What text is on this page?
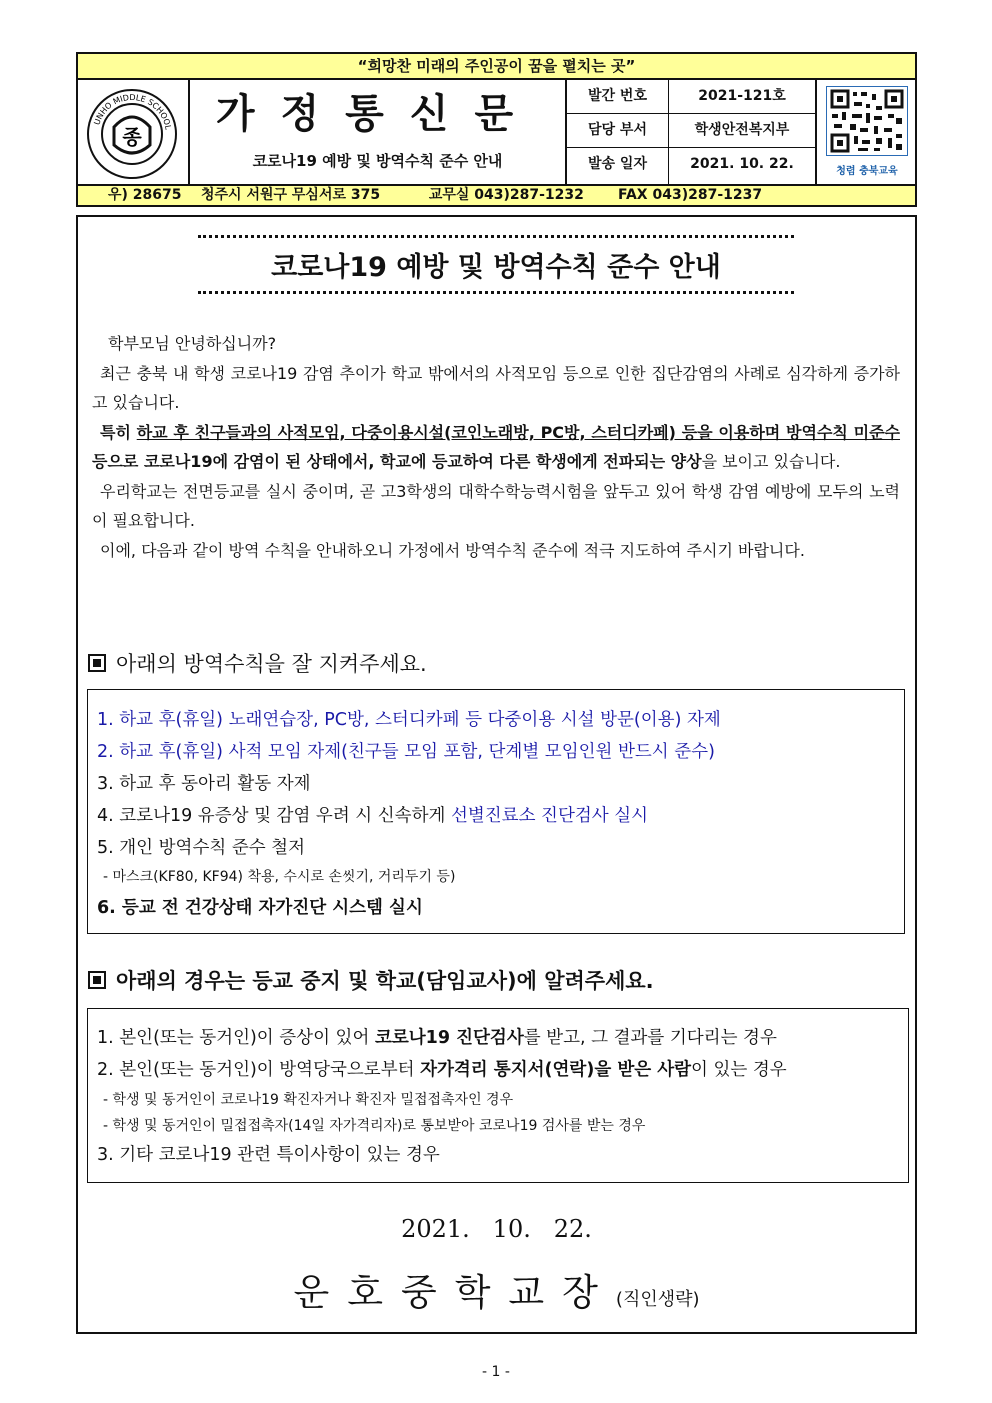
“희망찬 미래의 주인공이 꿈을 펼치는 곳”
종
UNHO MIDDLE SCHOOL	가정통신문
코로나19 예방 및 방역수칙 준수 안내
발간 번호	2021-121호
담당 부서	학생안전복지부
발송 일자	2021. 10. 22.	청렴 충북교육
우) 28675    청주시 서원구 무심서로 375          교무실 043)287-1232       FAX 043)287-1237
코로나19 예방 및 방역수칙 준수 안내

학부모님 안녕하십니까?

최근 충북 내 학생 코로나19 감염 추이가 학교 밖에서의 사적모임 등으로 인한 집단감염의 사례로 심각하게 증가하고 있습니다.

특히 하교 후 친구들과의 사적모임, 다중이용시설(코인노래방, PC방, 스터디카페) 등을 이용하며 방역수칙 미준수 등으로 코로나19에 감염이 된 상태에서, 학교에 등교하여 다른 학생에게 전파되는 양상을 보이고 있습니다.

우리학교는 전면등교를 실시 중이며, 곧 고3학생의 대학수학능력시험을 앞두고 있어 학생 감염 예방에 모두의 노력이 필요합니다.

이에, 다음과 같이 방역 수칙을 안내하오니 가정에서 방역수칙 준수에 적극 지도하여 주시기 바랍니다.

아래의 방역수칙을 잘 지켜주세요.
1. 하교 후(휴일) 노래연습장, PC방, 스터디카페 등 다중이용 시설 방문(이용) 자제
2. 하교 후(휴일) 사적 모임 자제(친구들 모임 포함, 단계별 모임인원 반드시 준수)
3. 하교 후 동아리 활동 자제
4. 코로나19 유증상 및 감염 우려 시 신속하게 선별진료소 진단검사 실시
5. 개인 방역수칙 준수 철저
- 마스크(KF80, KF94) 착용, 수시로 손씻기, 거리두기 등)
6. 등교 전 건강상태 자가진단 시스템 실시
아래의 경우는 등교 중지 및 학교(담임교사)에 알려주세요.
1. 본인(또는 동거인)이 증상이 있어 코로나19 진단검사를 받고, 그 결과를 기다리는 경우
2. 본인(또는 동거인)이 방역당국으로부터 자가격리 통지서(연락)을 받은 사람이 있는 경우
- 학생 및 동거인이 코로나19 확진자거나 확진자 밀접접촉자인 경우
- 학생 및 동거인이 밀접접촉자(14일 자가격리자)로 통보받아 코로나19 검사를 받는 경우
3. 기타 코로나19 관련 특이사항이 있는 경우
2021.   10.   22.
운호중학교장(직인생략)
- 1 -
